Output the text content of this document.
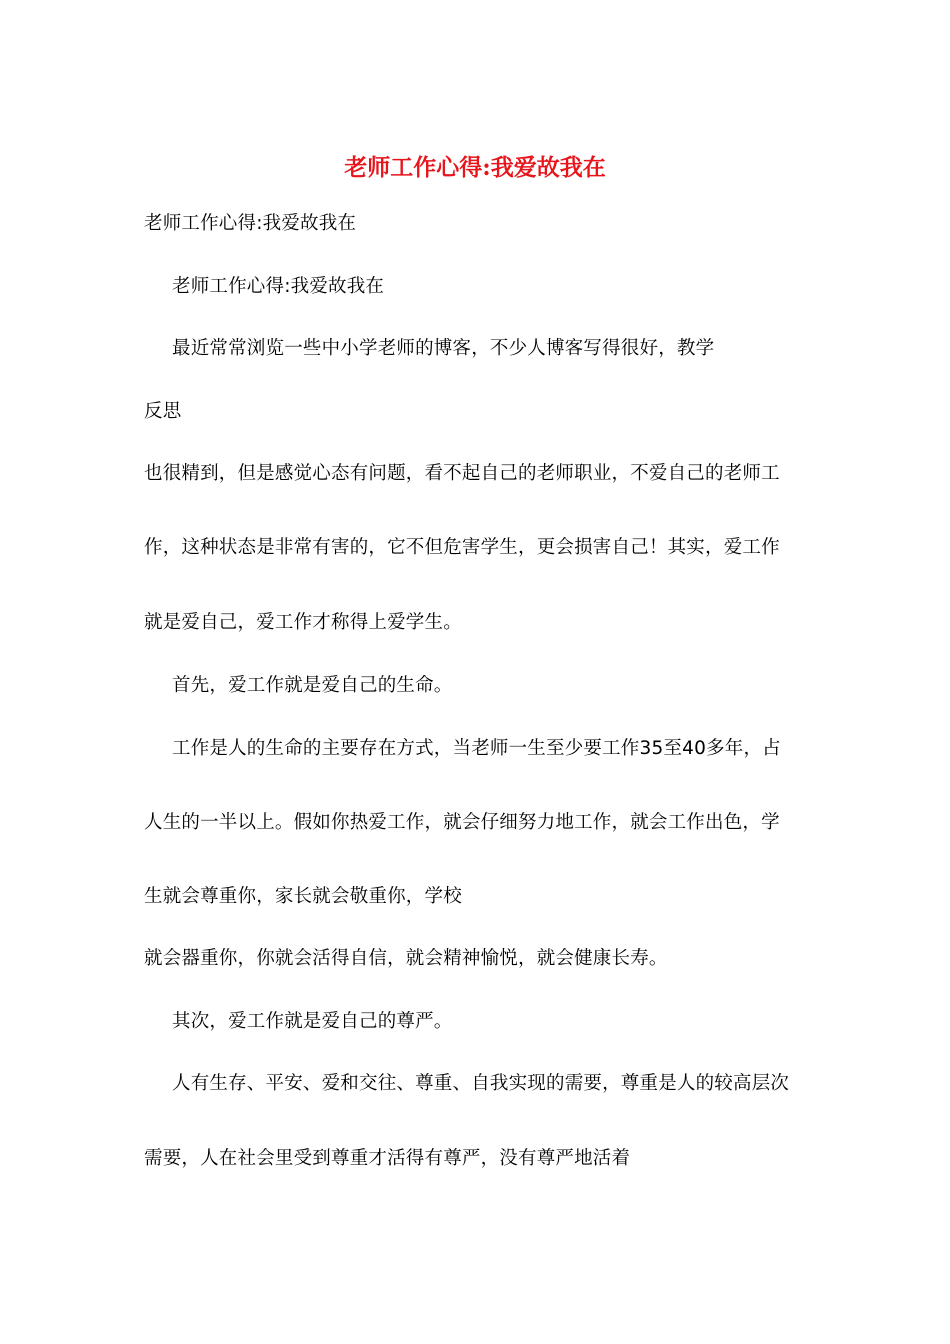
老师工作心得:我爱故我在
老师工作心得:我爱故我在
老师工作心得:我爱故我在
最近常常浏览一些中小学老师的博客，不少人博客写得很好，教学
反思
也很精到，但是感觉心态有问题，看不起自己的老师职业，不爱自己的老师工
作，这种状态是非常有害的，它不但危害学生，更会损害自己！其实，爱工作
就是爱自己，爱工作才称得上爱学生。
首先，爱工作就是爱自己的生命。
工作是人的生命的主要存在方式，当老师一生至少要工作35至40多年，占
人生的一半以上。假如你热爱工作，就会仔细努力地工作，就会工作出色，学
生就会尊重你，家长就会敬重你，学校
就会器重你，你就会活得自信，就会精神愉悦，就会健康长寿。
其次，爱工作就是爱自己的尊严。
人有生存、平安、爱和交往、尊重、自我实现的需要，尊重是人的较高层次
需要，人在社会里受到尊重才活得有尊严，没有尊严地活着
